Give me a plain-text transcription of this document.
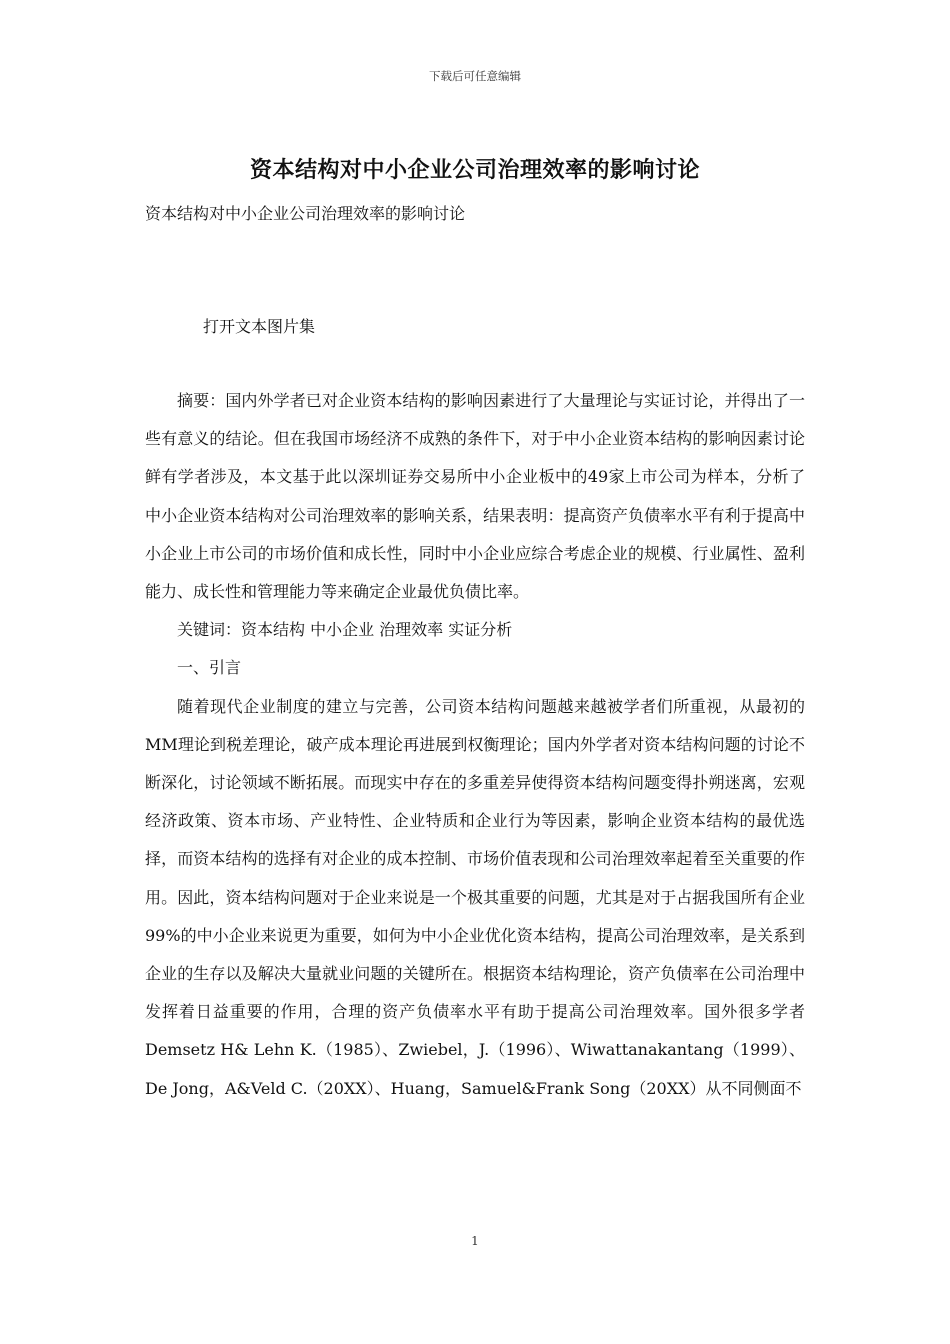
下载后可任意编辑
资本结构对中小企业公司治理效率的影响讨论
资本结构对中小企业公司治理效率的影响讨论
打开文本图片集

摘要：国内外学者已对企业资本结构的影响因素进行了大量理论与实证讨论，并得出了一些有意义的结论。但在我国市场经济不成熟的条件下，对于中小企业资本结构的影响因素讨论鲜有学者涉及，本文基于此以深圳证券交易所中小企业板中的49家上市公司为样本，分析了中小企业资本结构对公司治理效率的影响关系，结果表明：提高资产负债率水平有利于提高中小企业上市公司的市场价值和成长性，同时中小企业应综合考虑企业的规模、行业属性、盈利能力、成长性和管理能力等来确定企业最优负债比率。

关键词：资本结构 中小企业 治理效率 实证分析

一、引言

随着现代企业制度的建立与完善，公司资本结构问题越来越被学者们所重视，从最初的MM理论到税差理论，破产成本理论再进展到权衡理论；国内外学者对资本结构问题的讨论不断深化，讨论领域不断拓展。而现实中存在的多重差异使得资本结构问题变得扑朔迷离，宏观经济政策、资本市场、产业特性、企业特质和企业行为等因素，影响企业资本结构的最优选择，而资本结构的选择有对企业的成本控制、市场价值表现和公司治理效率起着至关重要的作用。因此，资本结构问题对于企业来说是一个极其重要的问题，尤其是对于占据我国所有企业99%的中小企业来说更为重要，如何为中小企业优化资本结构，提高公司治理效率，是关系到企业的生存以及解决大量就业问题的关键所在。根据资本结构理论，资产负债率在公司治理中发挥着日益重要的作用，合理的资产负债率水平有助于提高公司治理效率。国外很多学者Demsetz H& Lehn K.（1985）、Zwiebel，J.（1996）、Wiwattanakantang（1999）、De Jong，A&Veld C.（20XX）、Huang，Samuel&Frank Song（20XX）从不同侧面不

1
